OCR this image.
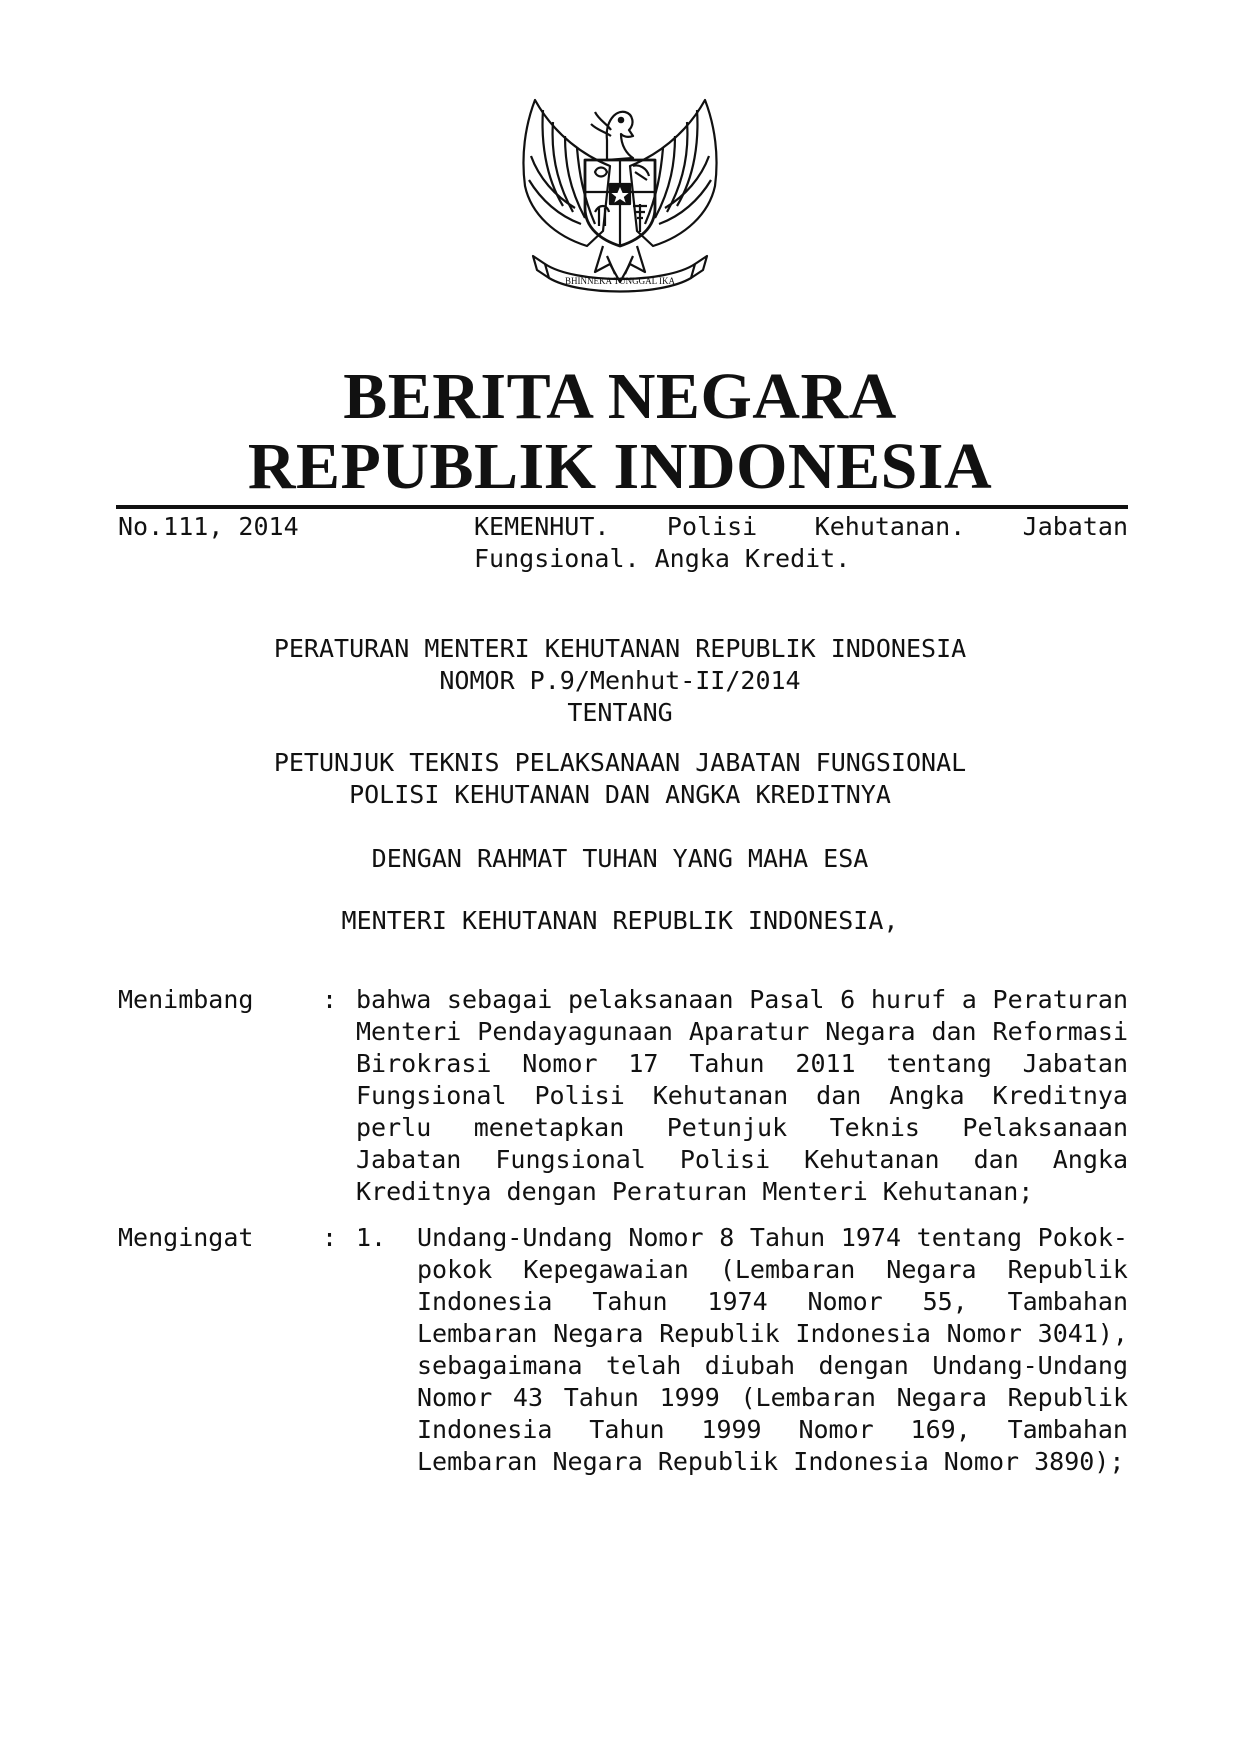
BHINNEKA TUNGGAL IKA
BERITA NEGARA
REPUBLIK INDONESIA
No.111, 2014	KEMENHUT. Polisi Kehutanan. Jabatan Fungsional. Angka Kredit.
PERATURAN MENTERI KEHUTANAN REPUBLIK INDONESIA
NOMOR P.9/Menhut-II/2014
TENTANG
PETUNJUK TEKNIS PELAKSANAAN JABATAN FUNGSIONAL
POLISI KEHUTANAN DAN ANGKA KREDITNYA
DENGAN RAHMAT TUHAN YANG MAHA ESA
MENTERI KEHUTANAN REPUBLIK INDONESIA,
Menimbang	: bahwa sebagai pelaksanaan Pasal 6 huruf a Peraturan Menteri Pendayagunaan Aparatur Negara dan Reformasi Birokrasi Nomor 17 Tahun 2011 tentang Jabatan Fungsional Polisi Kehutanan dan Angka Kreditnya perlu menetapkan Petunjuk Teknis Pelaksanaan Jabatan Fungsional Polisi Kehutanan dan Angka Kreditnya dengan Peraturan Menteri Kehutanan;
Mengingat	: 1. Undang-Undang Nomor 8 Tahun 1974 tentang Pokok-pokok Kepegawaian (Lembaran Negara Republik Indonesia Tahun 1974 Nomor 55, Tambahan Lembaran Negara Republik Indonesia Nomor 3041), sebagaimana telah diubah dengan Undang-Undang Nomor 43 Tahun 1999 (Lembaran Negara Republik Indonesia Tahun 1999 Nomor 169, Tambahan Lembaran Negara Republik Indonesia Nomor 3890);
